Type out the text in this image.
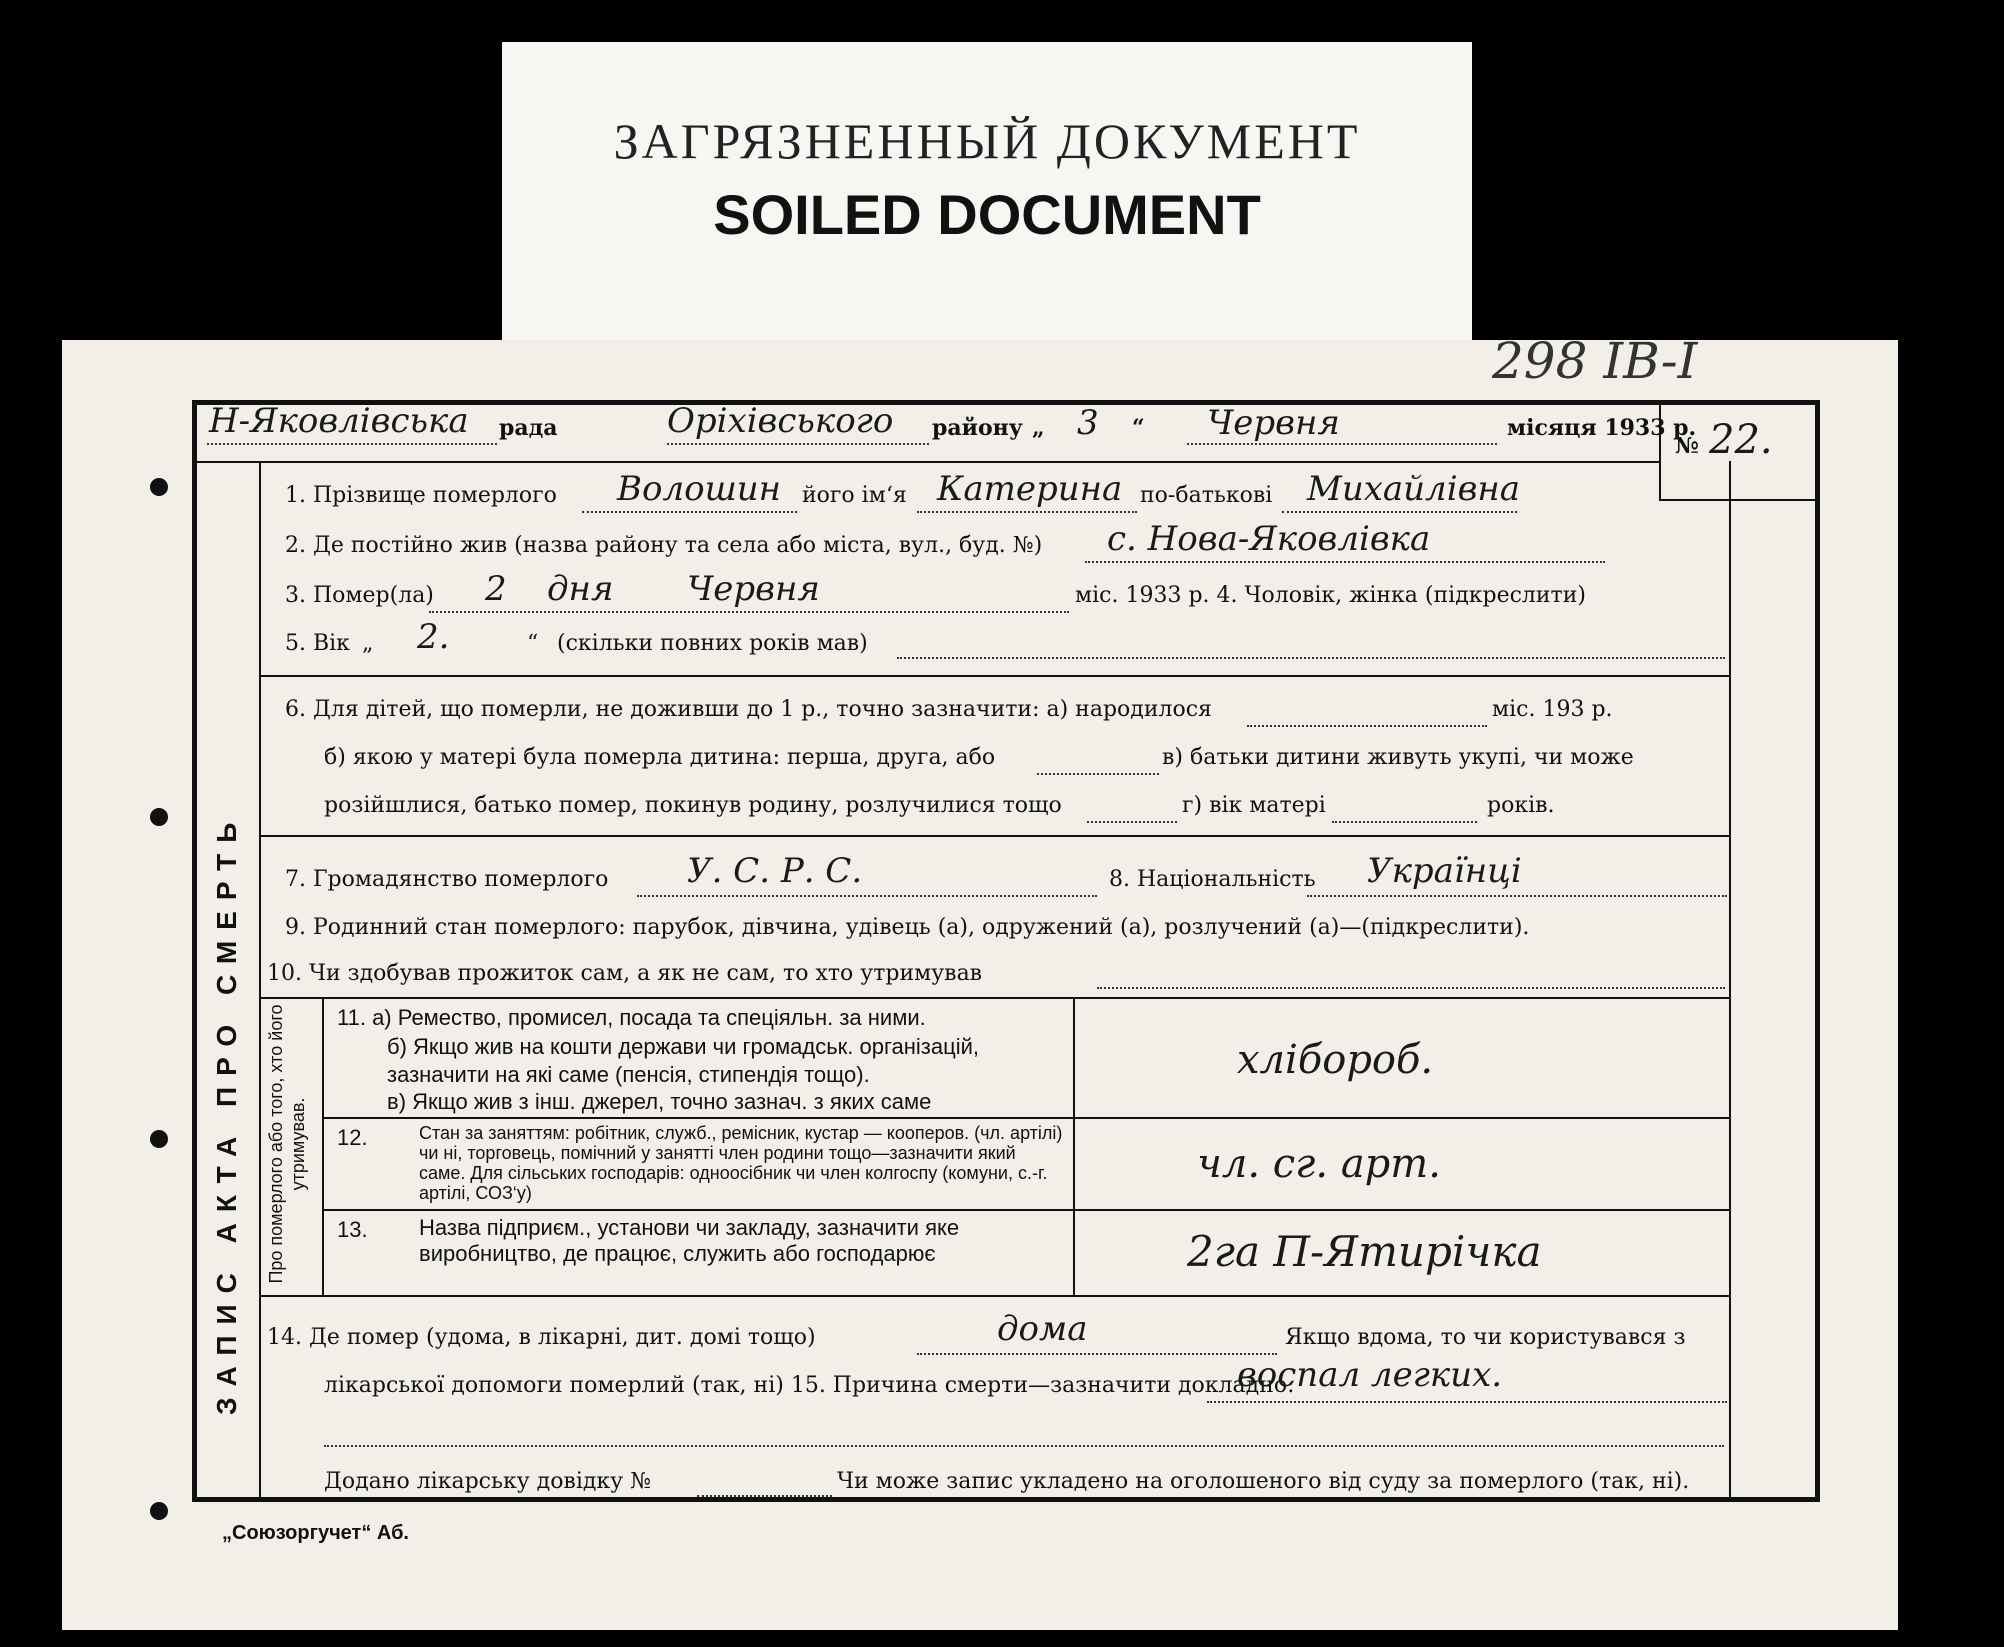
ЗАГРЯЗНЕННЫЙ ДОКУМЕНТ
SOILED DOCUMENT
298 IB-I
Н-Яковлівська рада	Оріхівського району „ 3 “ Червня	місяця 1933 р.
№ 22.
ЗАПИС АКТА ПРО СМЕРТЬ
1. Прізвище померлого Волошин його ім‘я Катерина по-батькові Михайлівна
2. Де постійно жив (назва району та села або міста, вул., буд. №) с. Нова-Яковлівка
3. Помер(ла) 2 дня Червня	міс. 1933 р. 4. Чоловік, жінка (підкреслити)
5. Вік „ 2.	“ (скільки повних років мав)
6. Для дітей, що померли, не доживши до 1 р., точно зазначити: а) народилося	міс. 193 р.
б) якою у матері була померла дитина: перша, друга, або	в) батьки дитини живуть укупі, чи може
розійшлися, батько помер, покинув родину, розлучилися тощо	г) вік матері	років.
7. Громадянство померлого У. С. Р. С.	8. Національність Українці
9. Родинний стан померлого: парубок, дівчина, удівець (а), одружений (а), розлучений (а)—(підкреслити).
10. Чи здобував прожиток сам, а як не сам, то хто утримував
Про померлого або того, хто його утримував.
11. а) Ремество, промисел, посада та спеціяльн. за ними.
б) Якщо жив на кошти держави чи громадськ. організацій, зазначити на які саме (пенсія, стипендія тощо).
в) Якщо жив з інш. джерел, точно зазнач. з яких саме
хлібороб.
12.	Стан за заняттям: робітник, служб., ремісник, кустар — кооперов. (чл. артілі) чи ні, торговець, помічний у занятті член родини тощо—зазначити який саме. Для сільських господарів: одноосібник чи член колгоспу (комуни, с.-г. артілі, СОЗ‘у)
чл. сг. арт.
13. Назва підприєм., установи чи закладу, зазначити яке виробництво, де працює, служить або господарює	2га П-Ятирічка
14. Де помер (удома, в лікарні, дит. домі тощо)	дома	Якщо вдома, то чи користувався з
лікарської допомоги померлий (так, ні) 15. Причина смерти—зазначити докладно:
воспал легких.
Додано лікарську довідку №	Чи може запис укладено на оголошеного від суду за померлого (так, ні).
„Союзоргучет“ Аб.
